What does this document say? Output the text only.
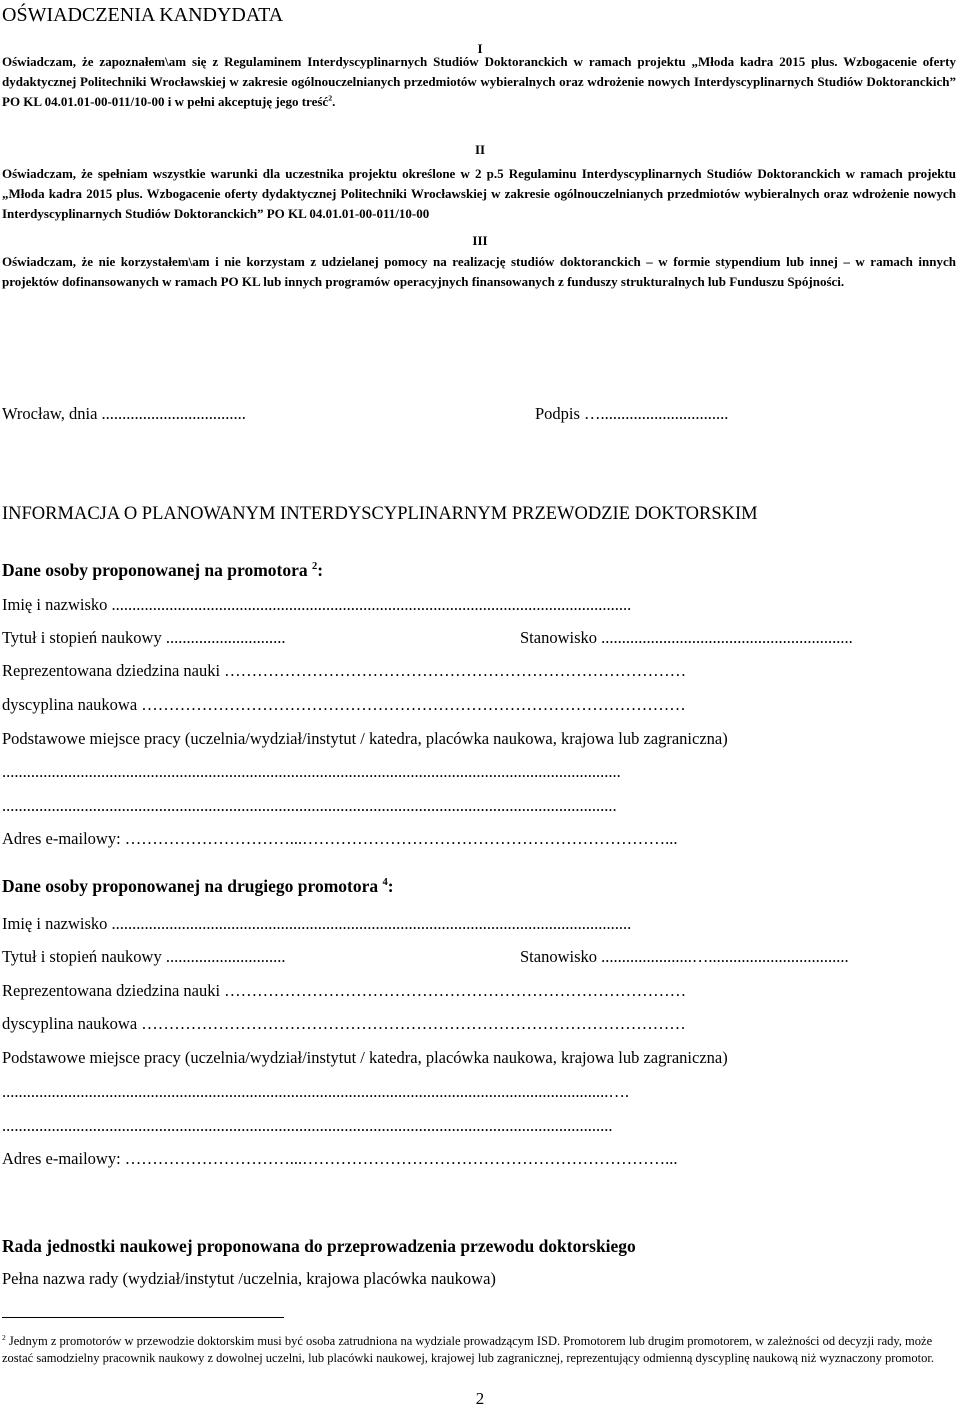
OŚWIADCZENIA KANDYDATA
I
Oświadczam, że zapoznałem\am się z Regulaminem Interdyscyplinarnych Studiów Doktoranckich w ramach projektu „Młoda kadra 2015 plus. Wzbogacenie oferty dydaktycznej Politechniki Wrocławskiej w zakresie ogólnouczelnianych przedmiotów wybieralnych oraz wdrożenie nowych Interdyscyplinarnych Studiów Doktoranckich” PO KL 04.01.01-00-011/10-00 i w pełni akceptuję jego treść$^2$.
II
Oświadczam, że spełniam wszystkie warunki dla uczestnika projektu określone w 2 p.5 Regulaminu Interdyscyplinarnych Studiów Doktoranckich w ramach projektu „Młoda kadra 2015 plus. Wzbogacenie oferty dydaktycznej Politechniki Wrocławskiej w zakresie ogólnouczelnianych przedmiotów wybieralnych oraz wdrożenie nowych Interdyscyplinarnych Studiów Doktoranckich” PO KL 04.01.01-00-011/10-00
III
Oświadczam, że nie korzystałem\am i nie korzystam z udzielanej pomocy na realizację studiów doktoranckich – w formie stypendium lub innej – w ramach innych projektów dofinansowanych w ramach PO KL lub innych programów operacyjnych finansowanych z funduszy strukturalnych lub Funduszu Spójności.
Wrocław, dnia ...................................	Podpis …...............................
INFORMACJA O PLANOWANYM INTERDYSCYPLINARNYM PRZEWODZIE DOKTORSKIM
Dane osoby proponowanej na promotora $^2$:
Imię i nazwisko ..............................................................................................................................
Tytuł i stopień naukowy .............................	Stanowisko .............................................................
Reprezentowana dziedzina nauki …………………………………………………………………………
dyscyplina naukowa ………………………………………………………………………………………
Podstawowe miejsce pracy (uczelnia/wydział/instytut / katedra, placówka naukowa, krajowa lub zagraniczna)
......................................................................................................................................................
.....................................................................................................................................................
Adres e-mailowy: …………………………...…………………………………………………………...
Dane osoby proponowanej na drugiego promotora $^4$:
Imię i nazwisko ..............................................................................................................................
Tytuł i stopień naukowy .............................	Stanowisko ......................…..................................
Reprezentowana dziedzina nauki …………………………………………………………………………
dyscyplina naukowa ………………………………………………………………………………………
Podstawowe miejsce pracy (uczelnia/wydział/instytut / katedra, placówka naukowa, krajowa lub zagraniczna)
...................................................................................................................................................….
....................................................................................................................................................
Adres e-mailowy: …………………………...…………………………………………………………...
Rada jednostki naukowej proponowana do przeprowadzenia przewodu doktorskiego
Pełna nazwa rady (wydział/instytut /uczelnia, krajowa placówka naukowa)
$^2$ Jednym z promotorów w przewodzie doktorskim musi być osoba zatrudniona na wydziale prowadzącym ISD. Promotorem lub drugim promotorem, w zależności od decyzji rady, może zostać samodzielny pracownik naukowy z dowolnej uczelni, lub placówki naukowej, krajowej lub zagranicznej, reprezentujący odmienną dyscyplinę naukową niż wyznaczony promotor.
2
